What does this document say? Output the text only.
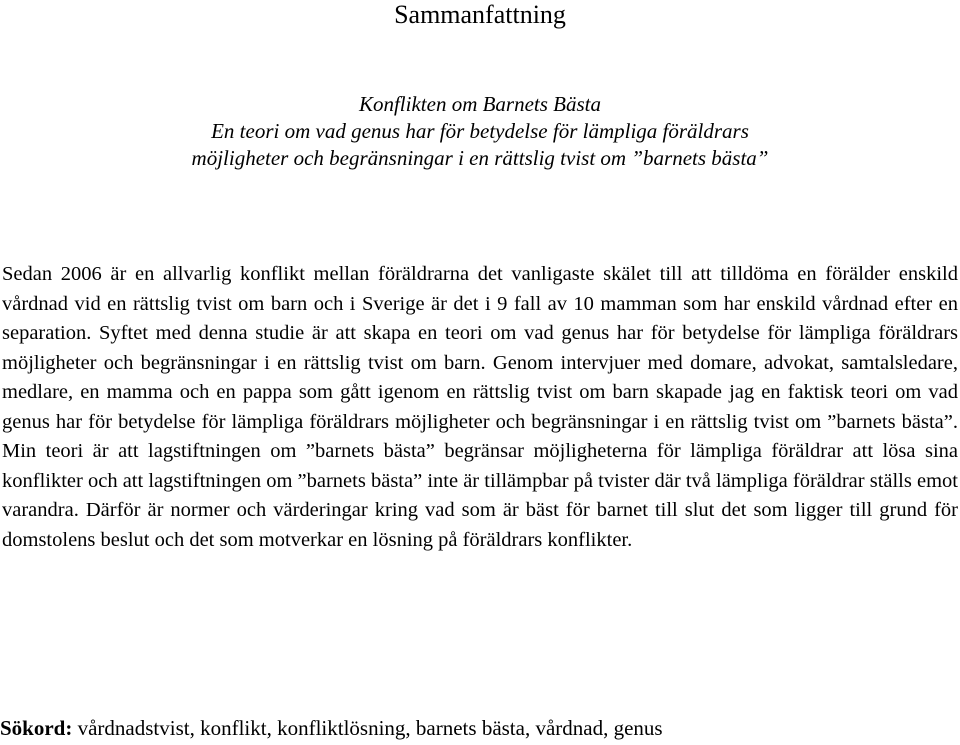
Sammanfattning
Konflikten om Barnets Bästa
En teori om vad genus har för betydelse för lämpliga föräldrars
möjligheter och begränsningar i en rättslig tvist om ”barnets bästa”

Sedan 2006 är en allvarlig konflikt mellan föräldrarna det vanligaste skälet till att tilldöma en förälder enskild vårdnad vid en rättslig tvist om barn och i Sverige är det i 9 fall av 10 mamman som har enskild vårdnad efter en separation. Syftet med denna studie är att skapa en teori om vad genus har för betydelse för lämpliga föräldrars möjligheter och begränsningar i en rättslig tvist om barn. Genom intervjuer med domare, advokat, samtalsledare, medlare, en mamma och en pappa som gått igenom en rättslig tvist om barn skapade jag en faktisk teori om vad genus har för betydelse för lämpliga föräldrars möjligheter och begränsningar i en rättslig tvist om ”barnets bästa”. Min teori är att lagstiftningen om ”barnets bästa” begränsar möjligheterna för lämpliga föräldrar att lösa sina konflikter och att lagstiftningen om ”barnets bästa” inte är tillämpbar på tvister där två lämpliga föräldrar ställs emot varandra. Därför är normer och värderingar kring vad som är bäst för barnet till slut det som ligger till grund för domstolens beslut och det som motverkar en lösning på föräldrars konflikter.

Sökord: vårdnadstvist, konflikt, konfliktlösning, barnets bästa, vårdnad, genus
